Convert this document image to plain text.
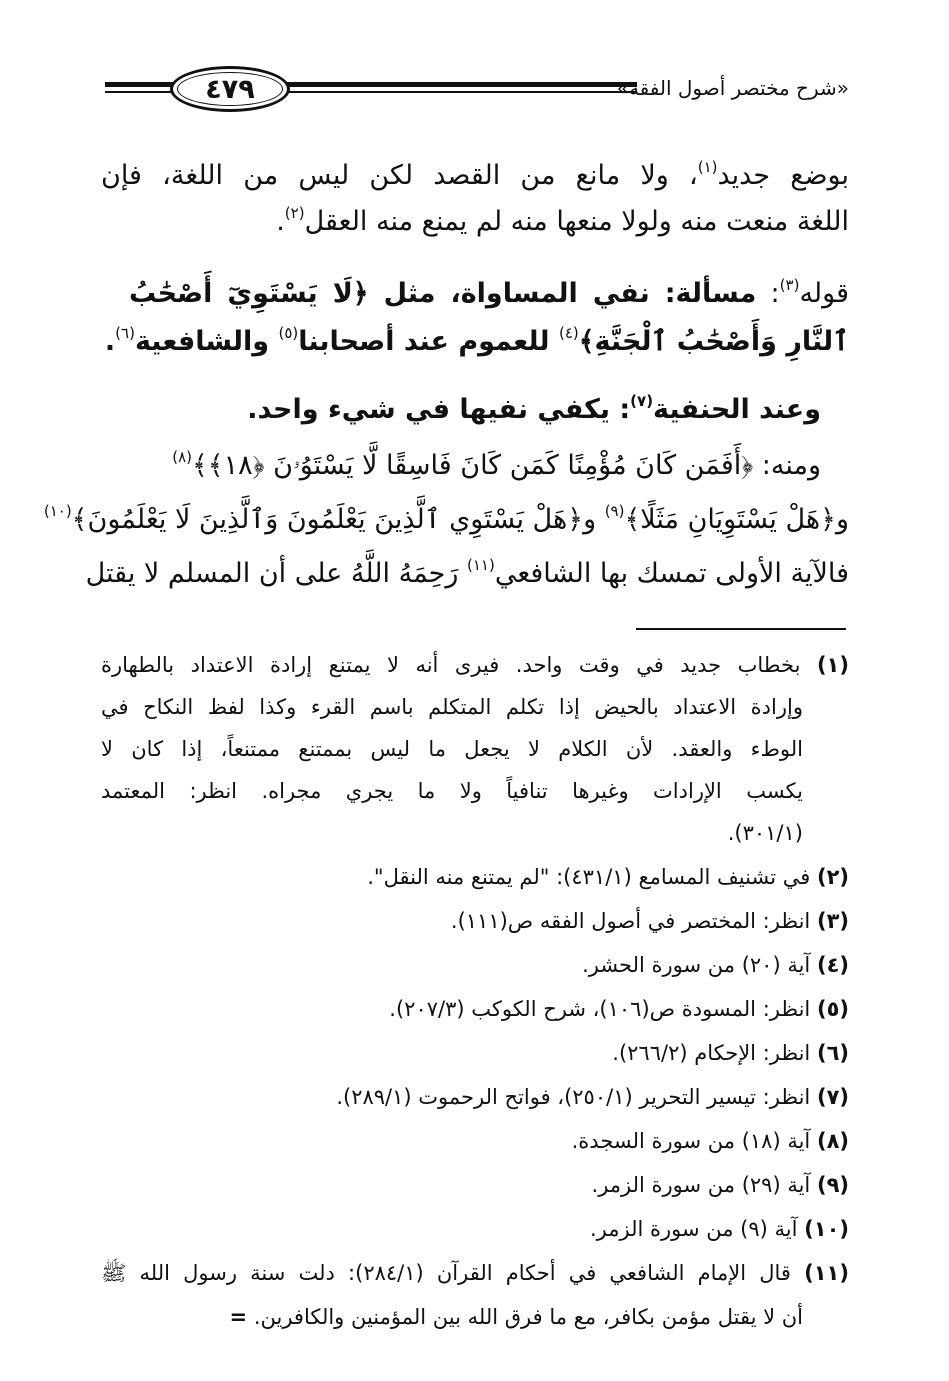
٤٧٩	«شرح مختصر أصول الفقه»
بوضع جديد$^{(١)}$، ولا مانع من القصد لكن ليس من اللغة، فإن
اللغة منعت منه ولولا منعها منه لم يمنع منه العقل$^{(٢)}$.
قوله$^{(٣)}$: مسألة: نفي المساواة، مثل ﴿لَا يَسْتَوِيٓ أَصْحَٰبُ
ٱلنَّارِ وَأَصْحَٰبُ ٱلْجَنَّةِ﴾$^{(٤)}$ للعموم عند أصحابنا$^{(٥)}$ والشافعية$^{(٦)}$.
وعند الحنفية$^{(٧)}$: يكفي نفيها في شيء واحد.
ومنه: ﴿أَفَمَن كَانَ مُؤْمِنًا كَمَن كَانَ فَاسِقًا لَّا يَسْتَوُۥنَ ﴿١٨﴾﴾$^{(٨)}$
و﴿هَلْ يَسْتَوِيَانِ مَثَلًا﴾$^{(٩)}$ و﴿هَلْ يَسْتَوِي ٱلَّذِينَ يَعْلَمُونَ وَٱلَّذِينَ لَا يَعْلَمُونَ﴾$^{(١٠)}$
فالآية الأولى تمسك بها الشافعي$^{(١١)}$ رَحِمَهُ اللَّهُ على أن المسلم لا يقتل
(١) بخطاب جديد في وقت واحد. فيرى أنه لا يمتنع إرادة الاعتداد بالطهارة
وإرادة الاعتداد بالحيض إذا تكلم المتكلم باسم القرء وكذا لفظ النكاح في
الوطء والعقد. لأن الكلام لا يجعل ما ليس بممتنع ممتنعاً، إذا كان لا
يكسب الإرادات وغيرها تنافياً ولا ما يجري مجراه. انظر: المعتمد
(٣٠١/١).
(٢) في تشنيف المسامع (٤٣١/١): "لم يمتنع منه النقل".
(٣) انظر: المختصر في أصول الفقه ص(١١١).
(٤) آية (٢٠) من سورة الحشر.
(٥) انظر: المسودة ص(١٠٦)، شرح الكوكب (٢٠٧/٣).
(٦) انظر: الإحكام (٢٦٦/٢).
(٧) انظر: تيسير التحرير (٢٥٠/١)، فواتح الرحموت (٢٨٩/١).
(٨) آية (١٨) من سورة السجدة.
(٩) آية (٢٩) من سورة الزمر.
(١٠) آية (٩) من سورة الزمر.
(١١) قال الإمام الشافعي في أحكام القرآن (٢٨٤/١): دلت سنة رسول الله ﷺ
أن لا يقتل مؤمن بكافر، مع ما فرق الله بين المؤمنين والكافرين. =
